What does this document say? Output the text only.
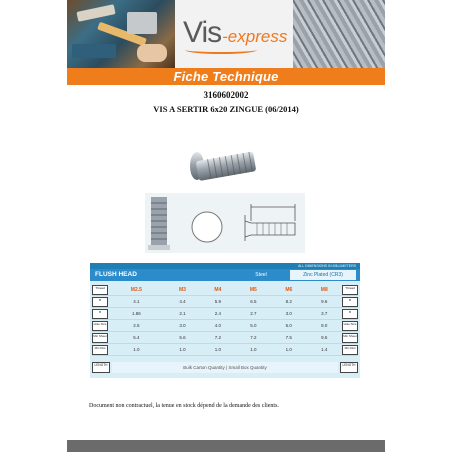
Vis -express
Fiche Technique
3160602002
VIS A SERTIR 6x20 ZINGUE (06/2014)
ALL DIMENSIONS IN MILLIMETERS
FLUSH HEAD	Steel	Zinc Plated (CR3)
Thread	M2.5	M3	M4	M5	M6	M8	Thread
B	4.1	4.4	5.9	6.5	8.2	9.6	B
B	1.86	2.1	2.4	2.7	3.0	3.7	B
Hole Size	2.5	3.0	4.0	5.0	6.0	8.0	Hole Size
Min Sheet	5.4	5.6	7.2	7.2	7.5	9.5	Min Sheet
Min Dist	1.0	1.0	1.0	1.0	1.0	1.4	Min Dist
LENGTH	Bulk Carton Quantity | Small Box Quantity	LENGTH
Document non contractuel, la tenue en stock dépend de la demande des clients.
